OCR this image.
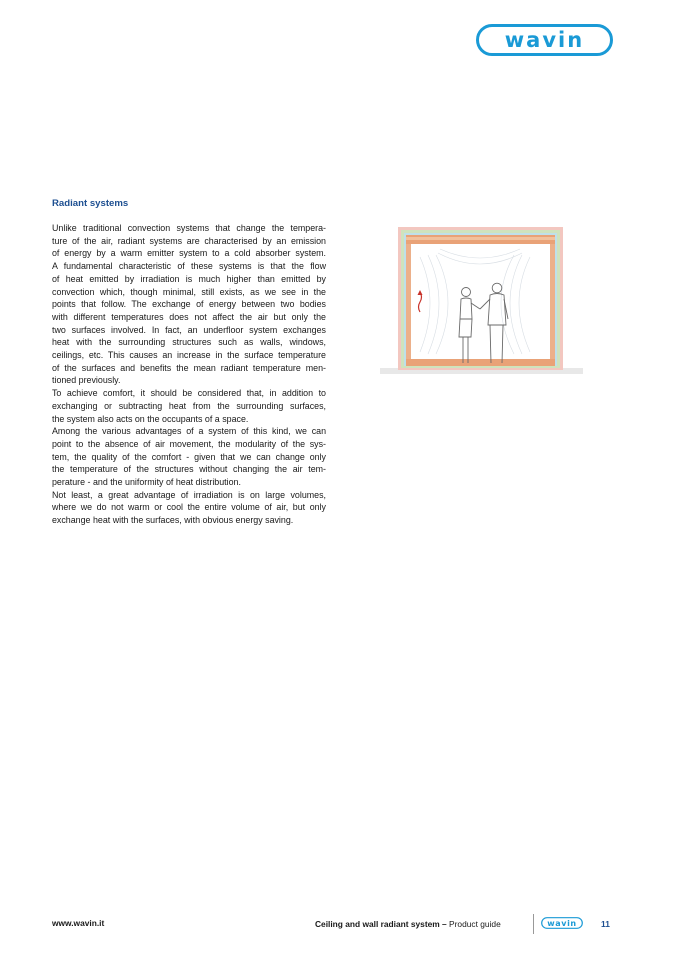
wavin
Radiant systems
Unlike traditional convection systems that change the tempera-
ture of the air, radiant systems are characterised by an emission
of energy by a warm emitter system to a cold absorber system.
A fundamental characteristic of these systems is that the flow
of heat emitted by irradiation is much higher than emitted by
convection which, though minimal, still exists, as we see in the
points that follow. The exchange of energy between two bodies
with different temperatures does not affect the air but only the
two surfaces involved. In fact, an underfloor system exchanges
heat with the surrounding structures such as walls, windows,
ceilings, etc. This causes an increase in the surface temperature
of the surfaces and benefits the mean radiant temperature men-
tioned previously.
To achieve comfort, it should be considered that, in addition to
exchanging or subtracting heat from the surrounding surfaces,
the system also acts on the occupants of a space.
Among the various advantages of a system of this kind, we can
point to the absence of air movement, the modularity of the sys-
tem, the quality of the comfort - given that we can change only
the temperature of the structures without changing the air tem-
perature - and the uniformity of heat distribution.
Not least, a great advantage of irradiation is on large volumes,
where we do not warm or cool the entire volume of air, but only
exchange heat with the surfaces, with obvious energy saving.
www.wavin.it	Ceiling and wall radiant system – Product guide	wavin	11
